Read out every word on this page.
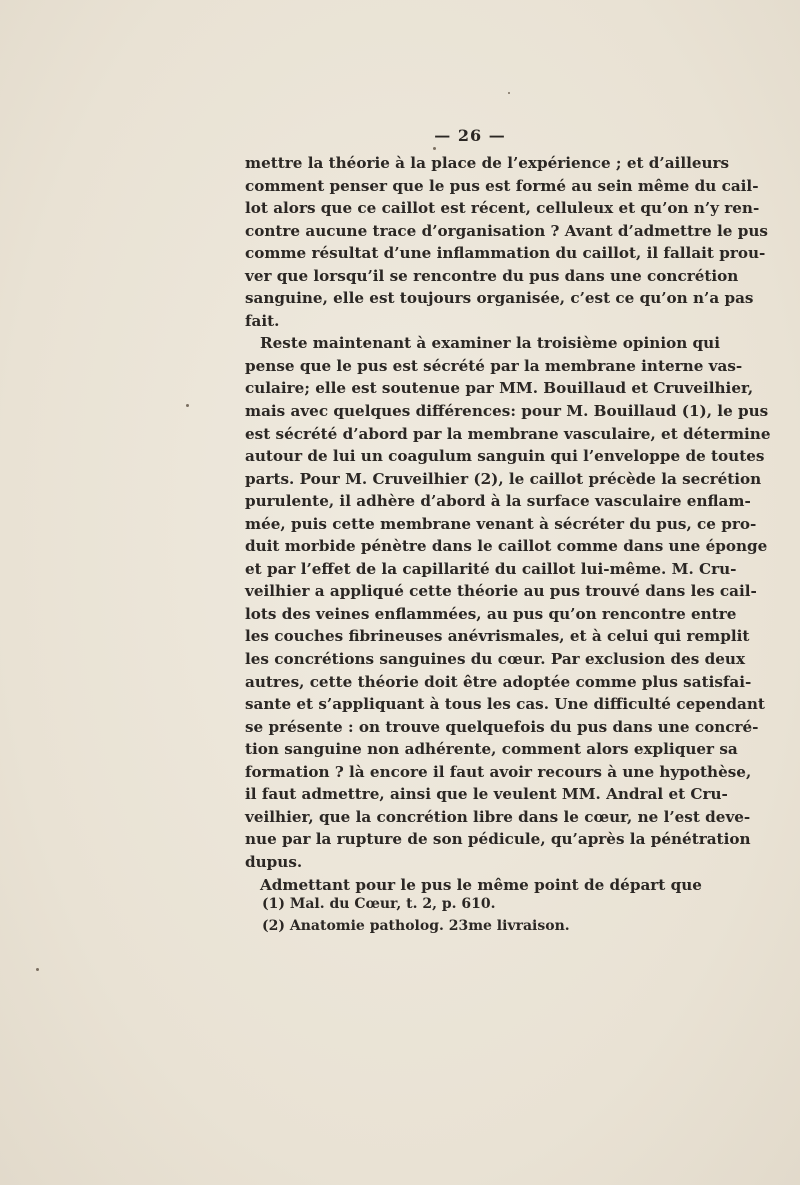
— 26 —
mettre la théorie à la place de l’expérience ; et d’ailleurs
comment penser que le pus est formé au sein même du cail-
lot alors que ce caillot est récent, celluleux et qu’on n’y ren-
contre aucune trace d’organisation ? Avant d’admettre le pus
comme résultat d’une inflammation du caillot, il fallait prou-
ver que lorsqu’il se rencontre du pus dans une concrétion
sanguine, elle est toujours organisée, c’est ce qu’on n’a pas
fait.
Reste maintenant à examiner la troisième opinion qui
pense que le pus est sécrété par la membrane interne vas-
culaire; elle est soutenue par MM. Bouillaud et Cruveilhier,
mais avec quelques différences: pour M. Bouillaud (1), le pus
est sécrété d’abord par la membrane vasculaire, et détermine
autour de lui un coagulum sanguin qui l’enveloppe de toutes
parts. Pour M. Cruveilhier (2), le caillot précède la secrétion
purulente, il adhère d’abord à la surface vasculaire enflam-
mée, puis cette membrane venant à sécréter du pus, ce pro-
duit morbide pénètre dans le caillot comme dans une éponge
et par l’effet de la capillarité du caillot lui-même. M. Cru-
veilhier a appliqué cette théorie au pus trouvé dans les cail-
lots des veines enflammées, au pus qu’on rencontre entre
les couches fibrineuses anévrismales, et à celui qui remplit
les concrétions sanguines du cœur. Par exclusion des deux
autres, cette théorie doit être adoptée comme plus satisfai-
sante et s’appliquant à tous les cas. Une difficulté cependant
se présente : on trouve quelquefois du pus dans une concré-
tion sanguine non adhérente, comment alors expliquer sa
formation ? là encore il faut avoir recours à une hypothèse,
il faut admettre, ainsi que le veulent MM. Andral et Cru-
veilhier, que la concrétion libre dans le cœur, ne l’est deve-
nue par la rupture de son pédicule, qu’après la pénétration
dupus.
Admettant pour le pus le même point de départ que
(1) Mal. du Cœur, t. 2, p. 610.
(2) Anatomie patholog. 23me livraison.
